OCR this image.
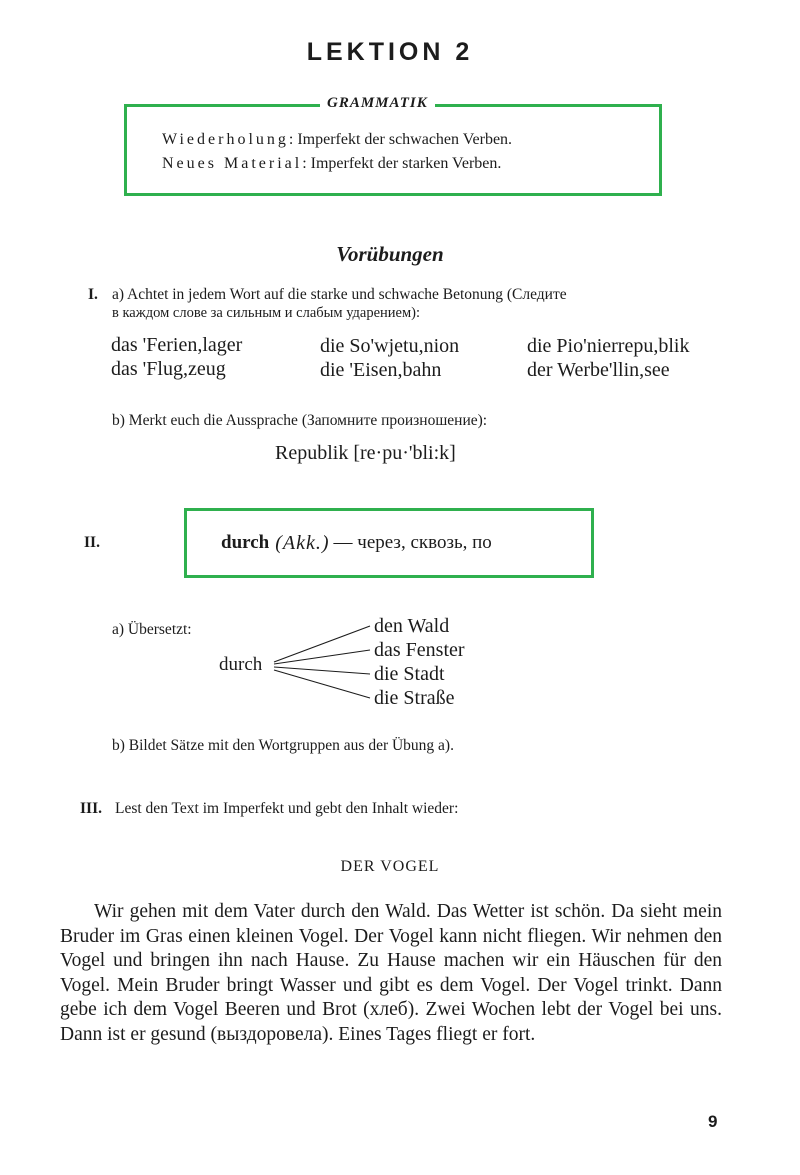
LEKTION 2
GRAMMATIK
Wiederholung: Imperfekt der schwachen Verben.
Neues Material: Imperfekt der starken Verben.
Vorübungen
I. a) Achtet in jedem Wort auf die starke und schwache Betonung (Следите
в каждом слове за сильным и слабым ударением):
das 'Ferien,lager	die So'wjetu,nion	die Pio'nierrepu,blik
das 'Flug,zeug	die 'Eisen,bahn	der Werbe'llin,see
b) Merkt euch die Aussprache (Запомните произношение):
Republik [re·pu·'bli:k]
II.	durch (Akk.) — через, сквозь, по
a) Übersetzt:
durch
den Wald
das Fenster
die Stadt
die Straße
b) Bildet Sätze mit den Wortgruppen aus der Übung a).
III. Lest den Text im Imperfekt und gebt den Inhalt wieder:
DER VOGEL
Wir gehen mit dem Vater durch den Wald. Das Wetter ist schön. Da sieht mein Bruder im Gras einen kleinen Vogel. Der Vogel kann nicht fliegen. Wir nehmen den Vogel und bringen ihn nach Hause. Zu Hause machen wir ein Häuschen für den Vogel. Mein Bruder bringt Wasser und gibt es dem Vogel. Der Vogel trinkt. Dann gebe ich dem Vogel Beeren und Brot (хлеб). Zwei Wochen lebt der Vogel bei uns. Dann ist er gesund (выздоровела). Eines Tages fliegt er fort.
9
